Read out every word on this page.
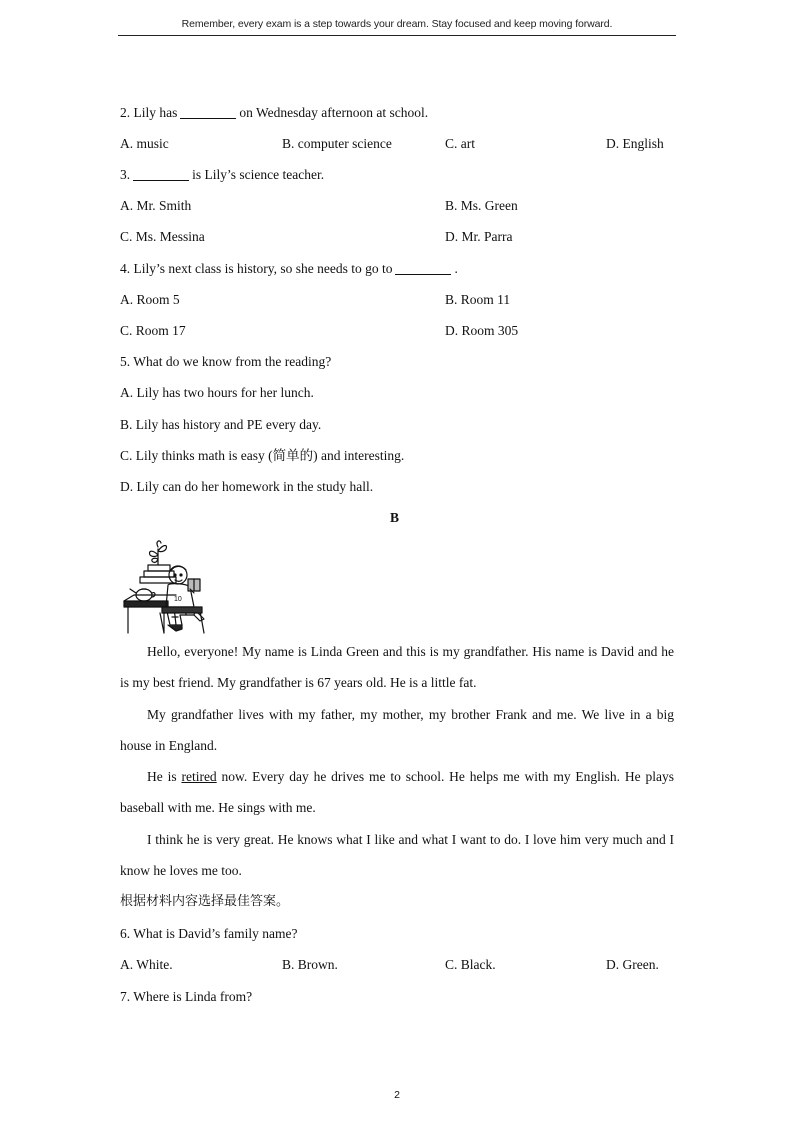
Remember, every exam is a step towards your dream. Stay focused and keep moving forward.
2. Lily has	on Wednesday afternoon at school.
A. music	B. computer science	C. art	D. English
3.	is Lily’s science teacher.
A. Mr. Smith	B. Ms. Green
C. Ms. Messina	D. Mr. Parra
4. Lily’s next class is history, so she needs to go to	.
A. Room 5	B. Room 11
C. Room 17	D. Room 305
5. What do we know from the reading?
A. Lily has two hours for her lunch.
B. Lily has history and PE every day.
C. Lily thinks math is easy (简单的) and interesting.
D. Lily can do her homework in the study hall.
B
10

Hello, everyone! My name is Linda Green and this is my grandfather. His name is David and he is my best friend. My grandfather is 67 years old. He is a little fat.

My grandfather lives with my father, my mother, my brother Frank and me. We live in a big house in England.

He is retired now. Every day he drives me to school. He helps me with my English. He plays baseball with me. He sings with me.

I think he is very great. He knows what I like and what I want to do. I love him very much and I know he loves me too.

根据材料内容选择最佳答案。
6. What is David’s family name?
A. White.	B. Brown.	C. Black.	D. Green.
7. Where is Linda from?
2
